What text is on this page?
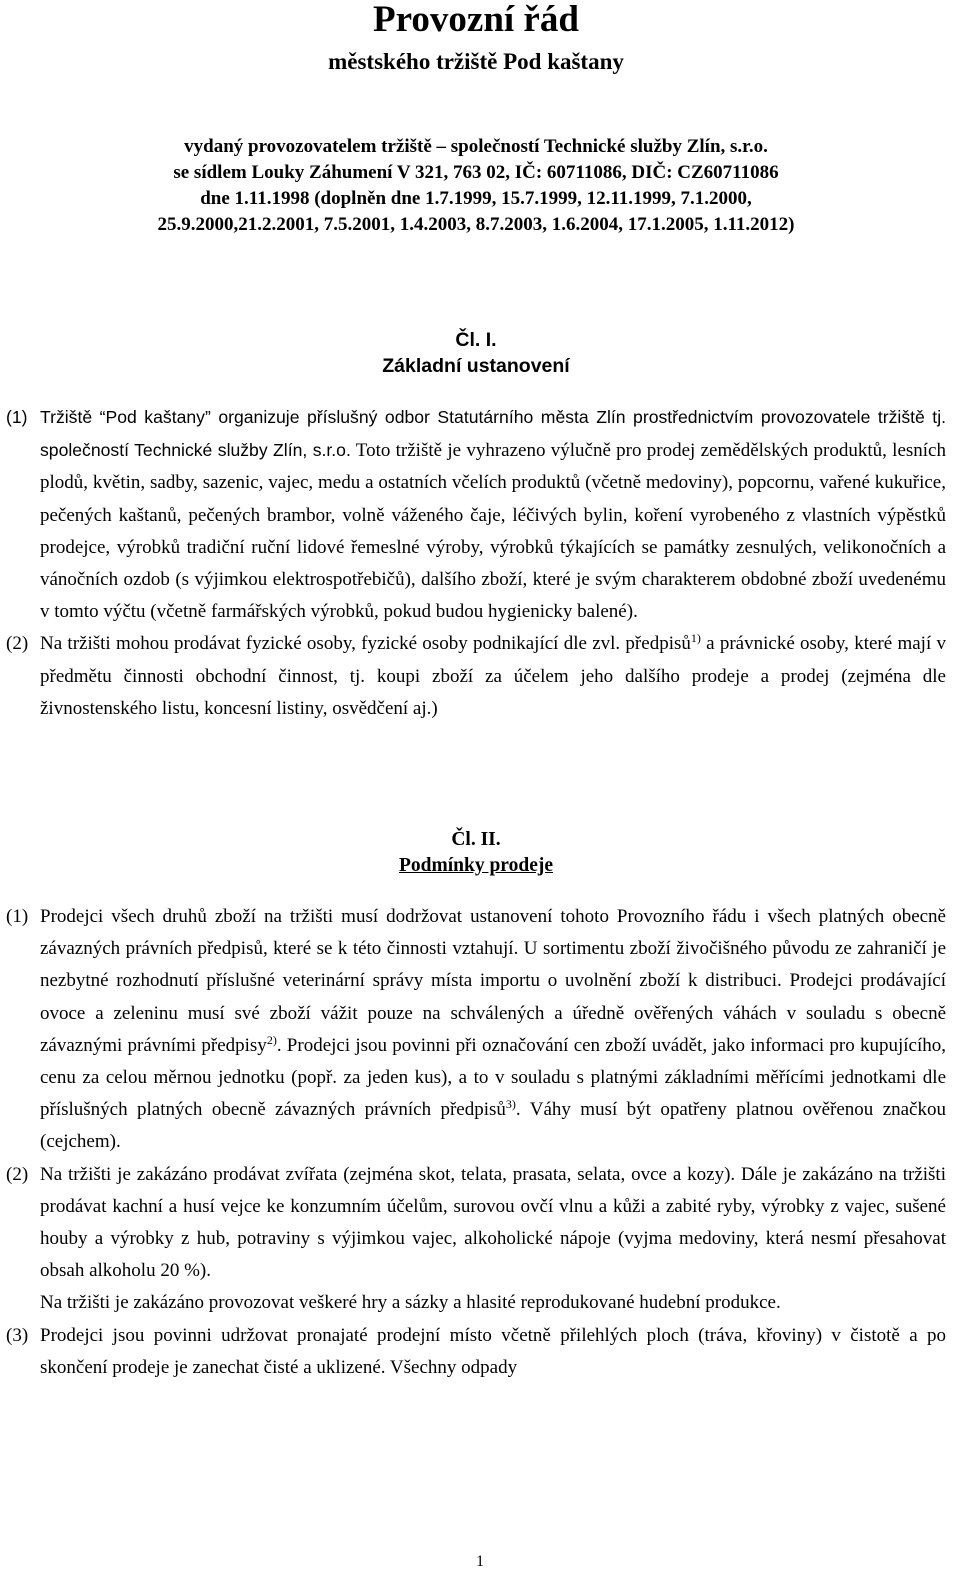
Provozní řád
městského tržiště Pod kaštany
vydaný provozovatelem tržiště – společností Technické služby Zlín, s.r.o.
se sídlem Louky Záhumení V 321, 763 02, IČ: 60711086, DIČ: CZ60711086
dne 1.11.1998 (doplněn dne 1.7.1999, 15.7.1999, 12.11.1999, 7.1.2000,
25.9.2000,21.2.2001, 7.5.2001, 1.4.2003, 8.7.2003, 1.6.2004, 17.1.2005, 1.11.2012)
Čl. I.
Základní ustanovení
(1) Tržiště “Pod kaštany” organizuje příslušný odbor Statutárního města Zlín prostřednictvím provozovatele tržiště tj. společností Technické služby Zlín, s.r.o. Toto tržiště je vyhrazeno výlučně pro prodej zemědělských produktů, lesních plodů, květin, sadby, sazenic, vajec, medu a ostatních včelích produktů (včetně medoviny), popcornu, vařené kukuřice, pečených kaštanů, pečených brambor, volně váženého čaje, léčivých bylin, koření vyrobeného z vlastních výpěstků prodejce, výrobků tradiční ruční lidové řemeslné výroby, výrobků týkajících se památky zesnulých, velikonočních a vánočních ozdob (s výjimkou elektrospotřebičů), dalšího zboží, které je svým charakterem obdobné zboží uvedenému v tomto výčtu (včetně farmářských výrobků, pokud budou hygienicky balené).
(2) Na tržišti mohou prodávat fyzické osoby, fyzické osoby podnikající dle zvl. předpisů$^{1)}$ a právnické osoby, které mají v předmětu činnosti obchodní činnost, tj. koupi zboží za účelem jeho dalšího prodeje a prodej (zejména dle živnostenského listu, koncesní listiny, osvědčení aj.)
Čl. II.
Podmínky prodeje
(1) Prodejci všech druhů zboží na tržišti musí dodržovat ustanovení tohoto Provozního řádu i všech platných obecně závazných právních předpisů, které se k této činnosti vztahují. U sortimentu zboží živočišného původu ze zahraničí je nezbytné rozhodnutí příslušné veterinární správy místa importu o uvolnění zboží k distribuci. Prodejci prodávající ovoce a zeleninu musí své zboží vážit pouze na schválených a úředně ověřených váhách v souladu s obecně závaznými právními předpisy$^{2)}$. Prodejci jsou povinni při označování cen zboží uvádět, jako informaci pro kupujícího, cenu za celou měrnou jednotku (popř. za jeden kus), a to v souladu s platnými základními měřícími jednotkami dle příslušných platných obecně závazných právních předpisů$^{3)}$. Váhy musí být opatřeny platnou ověřenou značkou (cejchem).
(2) Na tržišti je zakázáno prodávat zvířata (zejména skot, telata, prasata, selata, ovce a kozy). Dále je zakázáno na tržišti prodávat kachní a husí vejce ke konzumním účelům, surovou ovčí vlnu a kůži a zabité ryby, výrobky z vajec, sušené houby a výrobky z hub, potraviny s výjimkou vajec, alkoholické nápoje (vyjma medoviny, která nesmí přesahovat obsah alkoholu 20 %).
Na tržišti je zakázáno provozovat veškeré hry a sázky a hlasité reprodukované hudební produkce.
(3) Prodejci jsou povinni udržovat pronajaté prodejní místo včetně přilehlých ploch (tráva, křoviny) v čistotě a po skončení prodeje je zanechat čisté a uklizené. Všechny odpady
1
